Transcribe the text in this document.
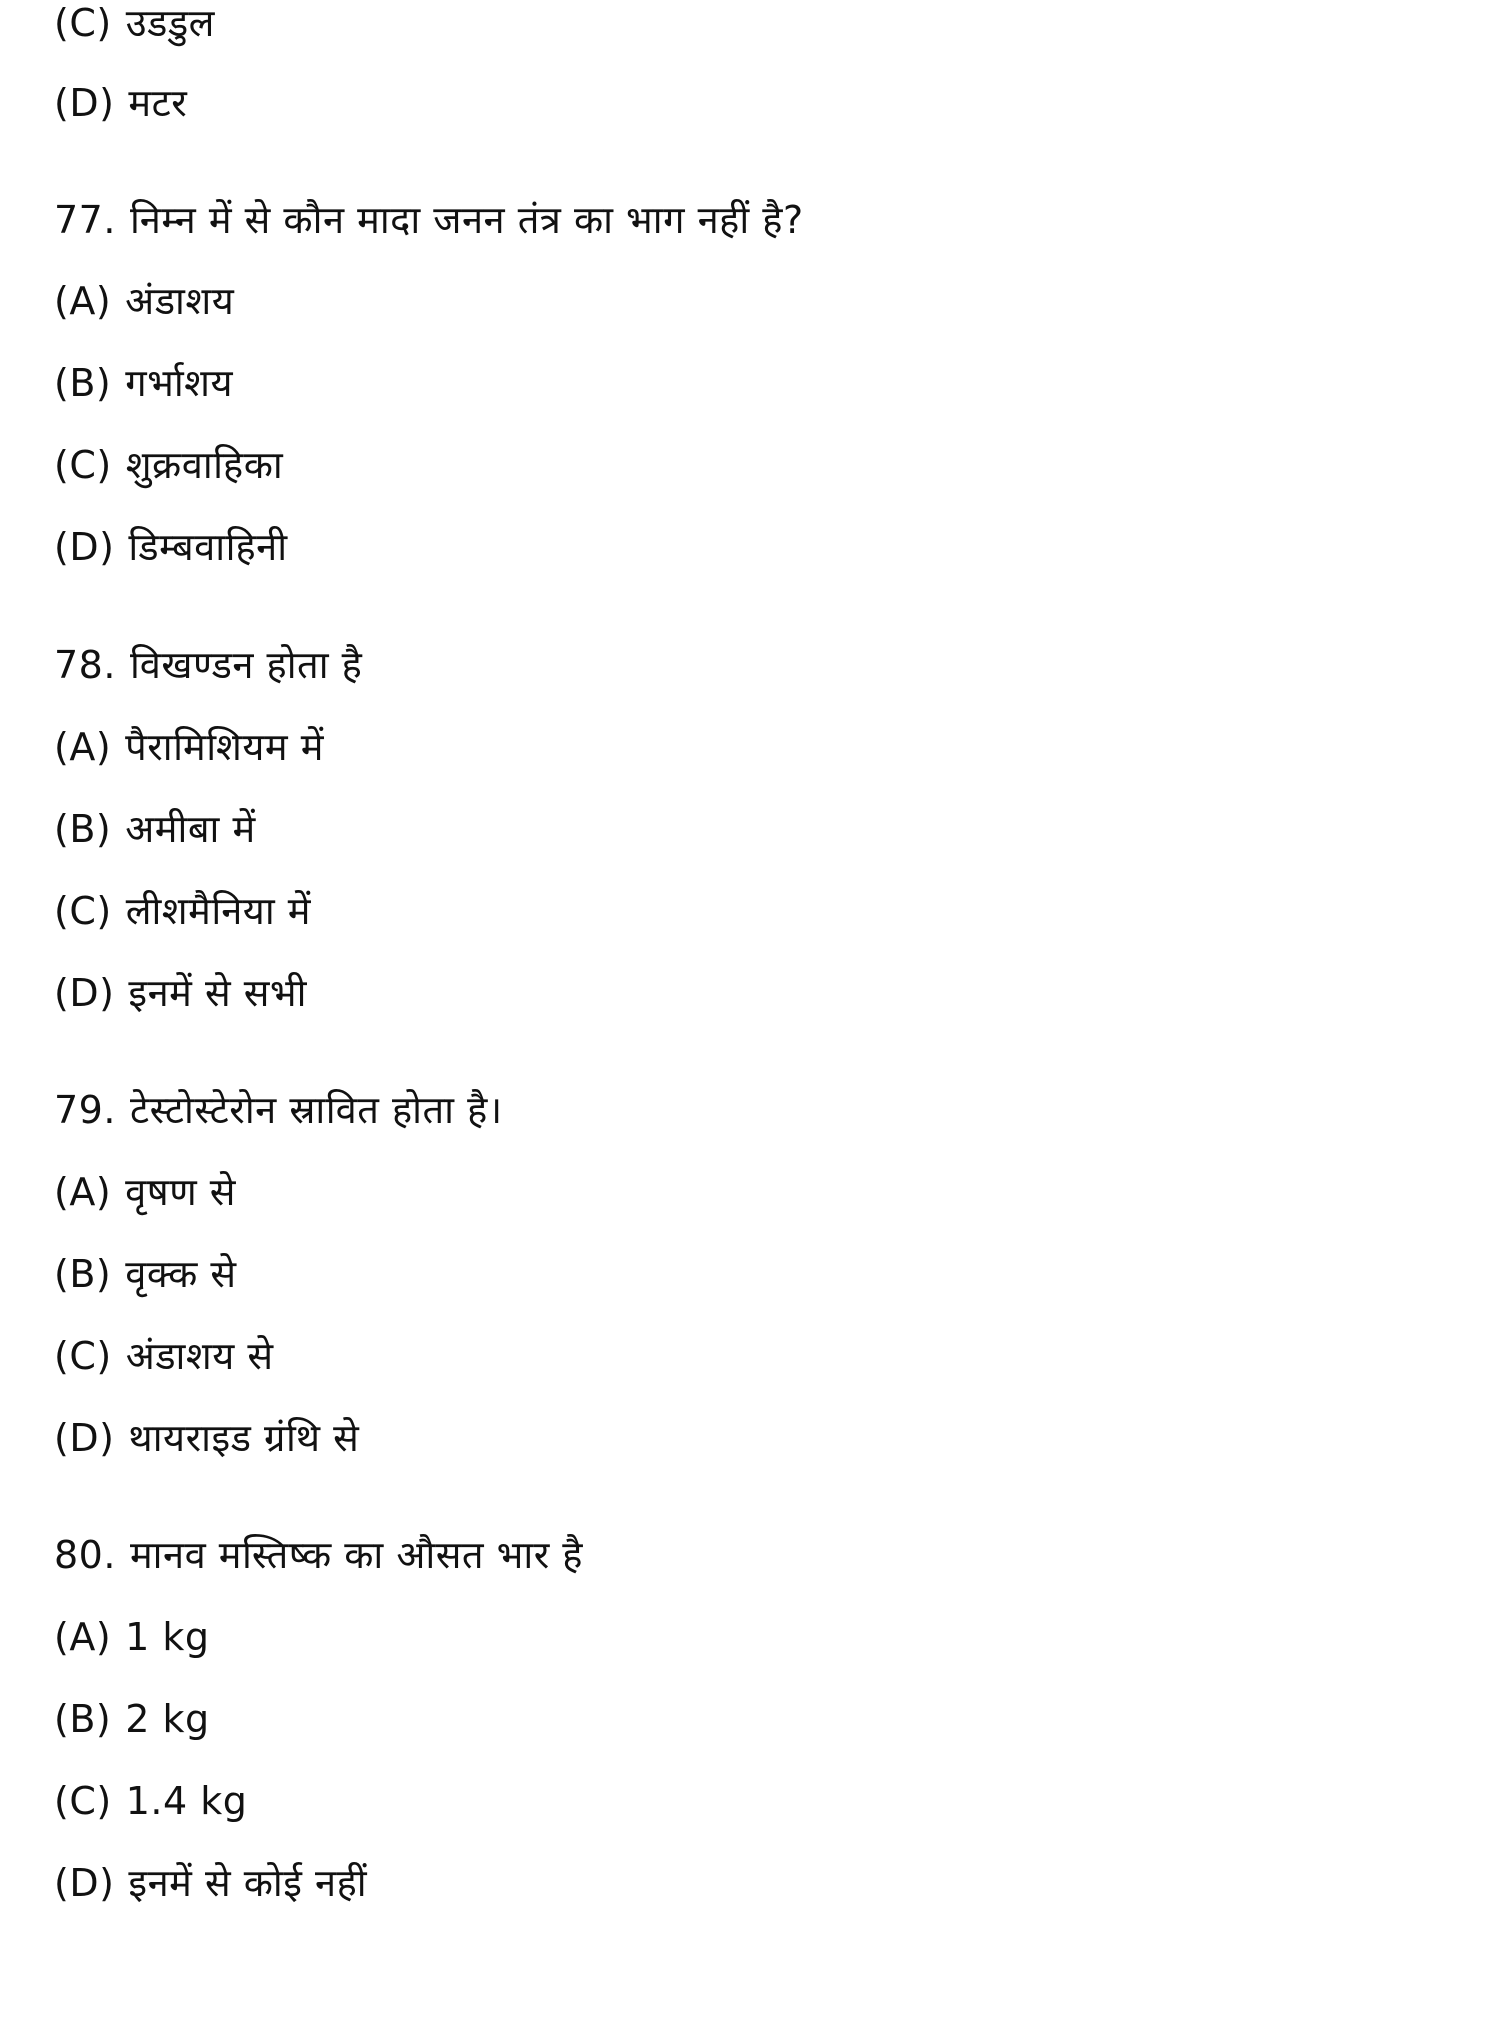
(C) उडडुल
(D) मटर
77. निम्न में से कौन मादा जनन तंत्र का भाग नहीं है?
(A) अंडाशय
(B) गर्भाशय
(C) शुक्रवाहिका
(D) डिम्बवाहिनी
78. विखण्डन होता है
(A) पैरामिशियम में
(B) अमीबा में
(C) लीशमैनिया में
(D) इनमें से सभी
79. टेस्टोस्टेरोन स्रावित होता है।
(A) वृषण से
(B) वृक्क से
(C) अंडाशय से
(D) थायराइड ग्रंथि से
80. मानव मस्तिष्क का औसत भार है
(A) 1 kg
(B) 2 kg
(C) 1.4 kg
(D) इनमें से कोई नहीं
